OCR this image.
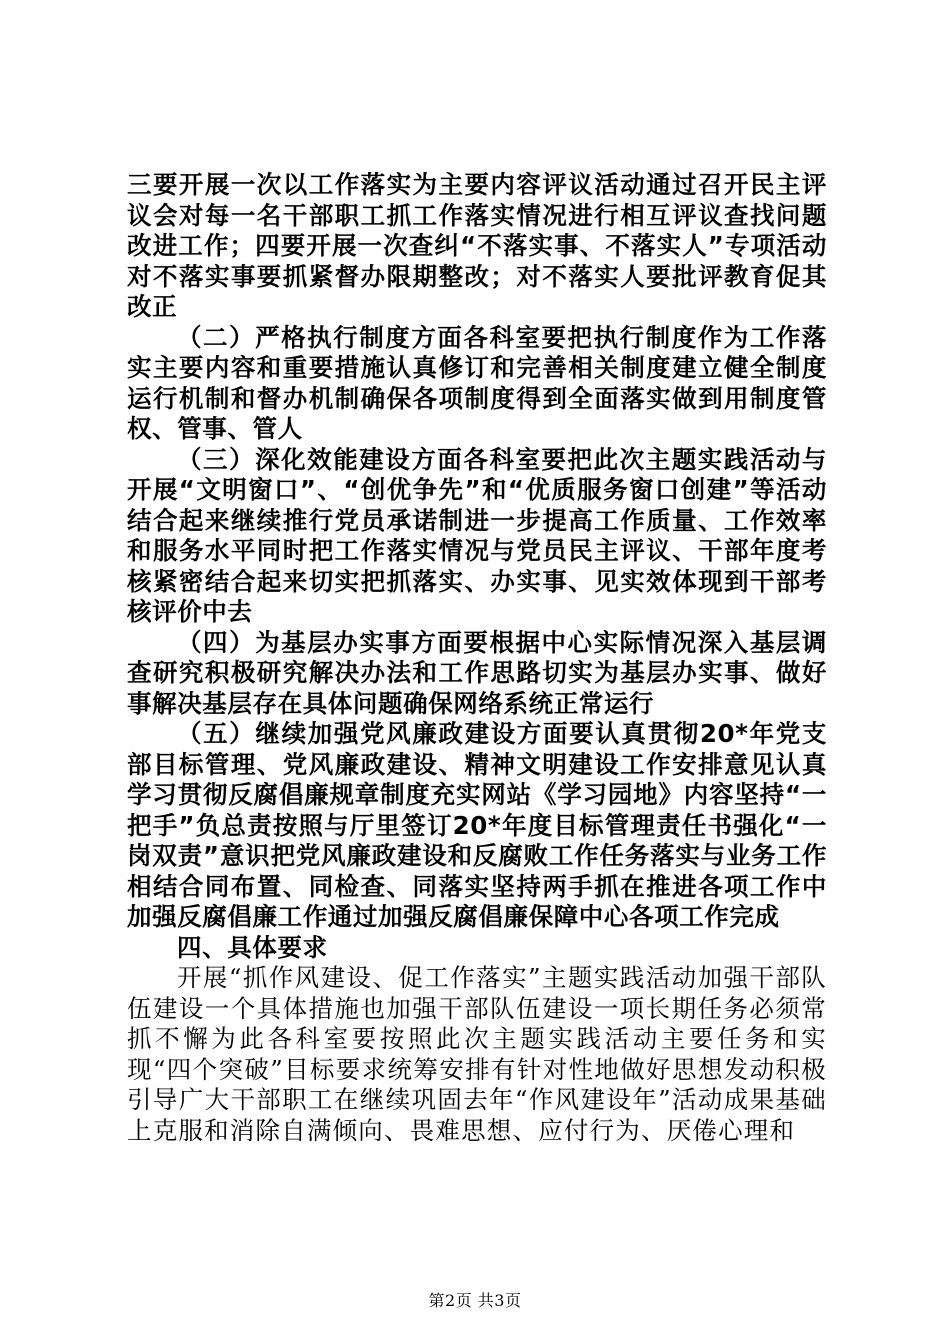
三要开展一次以工作落实为主要内容评议活动通过召开民主评议会对每一名干部职工抓工作落实情况进行相互评议查找问题改进工作；四要开展一次查纠“不落实事、不落实人”专项活动对不落实事要抓紧督办限期整改；对不落实人要批评教育促其改正

（二）严格执行制度方面各科室要把执行制度作为工作落实主要内容和重要措施认真修订和完善相关制度建立健全制度运行机制和督办机制确保各项制度得到全面落实做到用制度管权、管事、管人

（三）深化效能建设方面各科室要把此次主题实践活动与开展“文明窗口”、“创优争先”和“优质服务窗口创建”等活动结合起来继续推行党员承诺制进一步提高工作质量、工作效率和服务水平同时把工作落实情况与党员民主评议、干部年度考核紧密结合起来切实把抓落实、办实事、见实效体现到干部考核评价中去

（四）为基层办实事方面要根据中心实际情况深入基层调查研究积极研究解决办法和工作思路切实为基层办实事、做好事解决基层存在具体问题确保网络系统正常运行

（五）继续加强党风廉政建设方面要认真贯彻20*年党支部目标管理、党风廉政建设、精神文明建设工作安排意见认真学习贯彻反腐倡廉规章制度充实网站《学习园地》内容坚持“一把手”负总责按照与厅里签订20*年度目标管理责任书强化“一岗双责”意识把党风廉政建设和反腐败工作任务落实与业务工作相结合同布置、同检查、同落实坚持两手抓在推进各项工作中加强反腐倡廉工作通过加强反腐倡廉保障中心各项工作完成

四、具体要求

开展“抓作风建设、促工作落实”主题实践活动加强干部队伍建设一个具体措施也加强干部队伍建设一项长期任务必须常抓不懈为此各科室要按照此次主题实践活动主要任务和实现“四个突破”目标要求统筹安排有针对性地做好思想发动积极引导广大干部职工在继续巩固去年“作风建设年”活动成果基础上克服和消除自满倾向、畏难思想、应付行为、厌倦心理和

第2页 共3页
